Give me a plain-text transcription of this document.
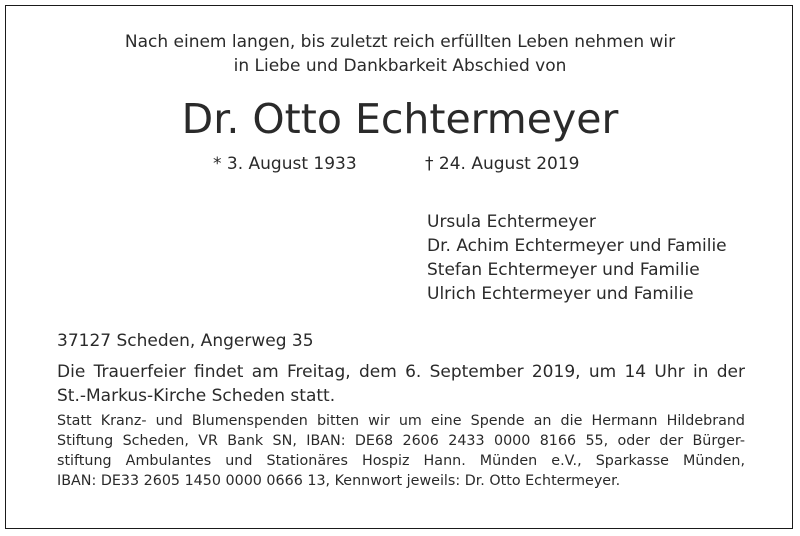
Nach einem langen, bis zuletzt reich erfüllten Leben nehmen wir
in Liebe und Dankbarkeit Abschied von
Dr. Otto Echtermeyer
* 3. August 1933	† 24. August 2019
Ursula Echtermeyer
Dr. Achim Echtermeyer und Familie
Stefan Echtermeyer und Familie
Ulrich Echtermeyer und Familie
37127 Scheden, Angerweg 35
Die Trauerfeier findet am Freitag, dem 6. September 2019, um 14 Uhr in der
St.-Markus-Kirche Scheden statt.
Statt Kranz- und Blumenspenden bitten wir um eine Spende an die Hermann Hildebrand
Stiftung Scheden, VR Bank SN, IBAN: DE68 2606 2433 0000 8166 55, oder der Bürger-
stiftung Ambulantes und Stationäres Hospiz Hann. Münden e.V., Sparkasse Münden,
IBAN: DE33 2605 1450 0000 0666 13, Kennwort jeweils: Dr. Otto Echtermeyer.
